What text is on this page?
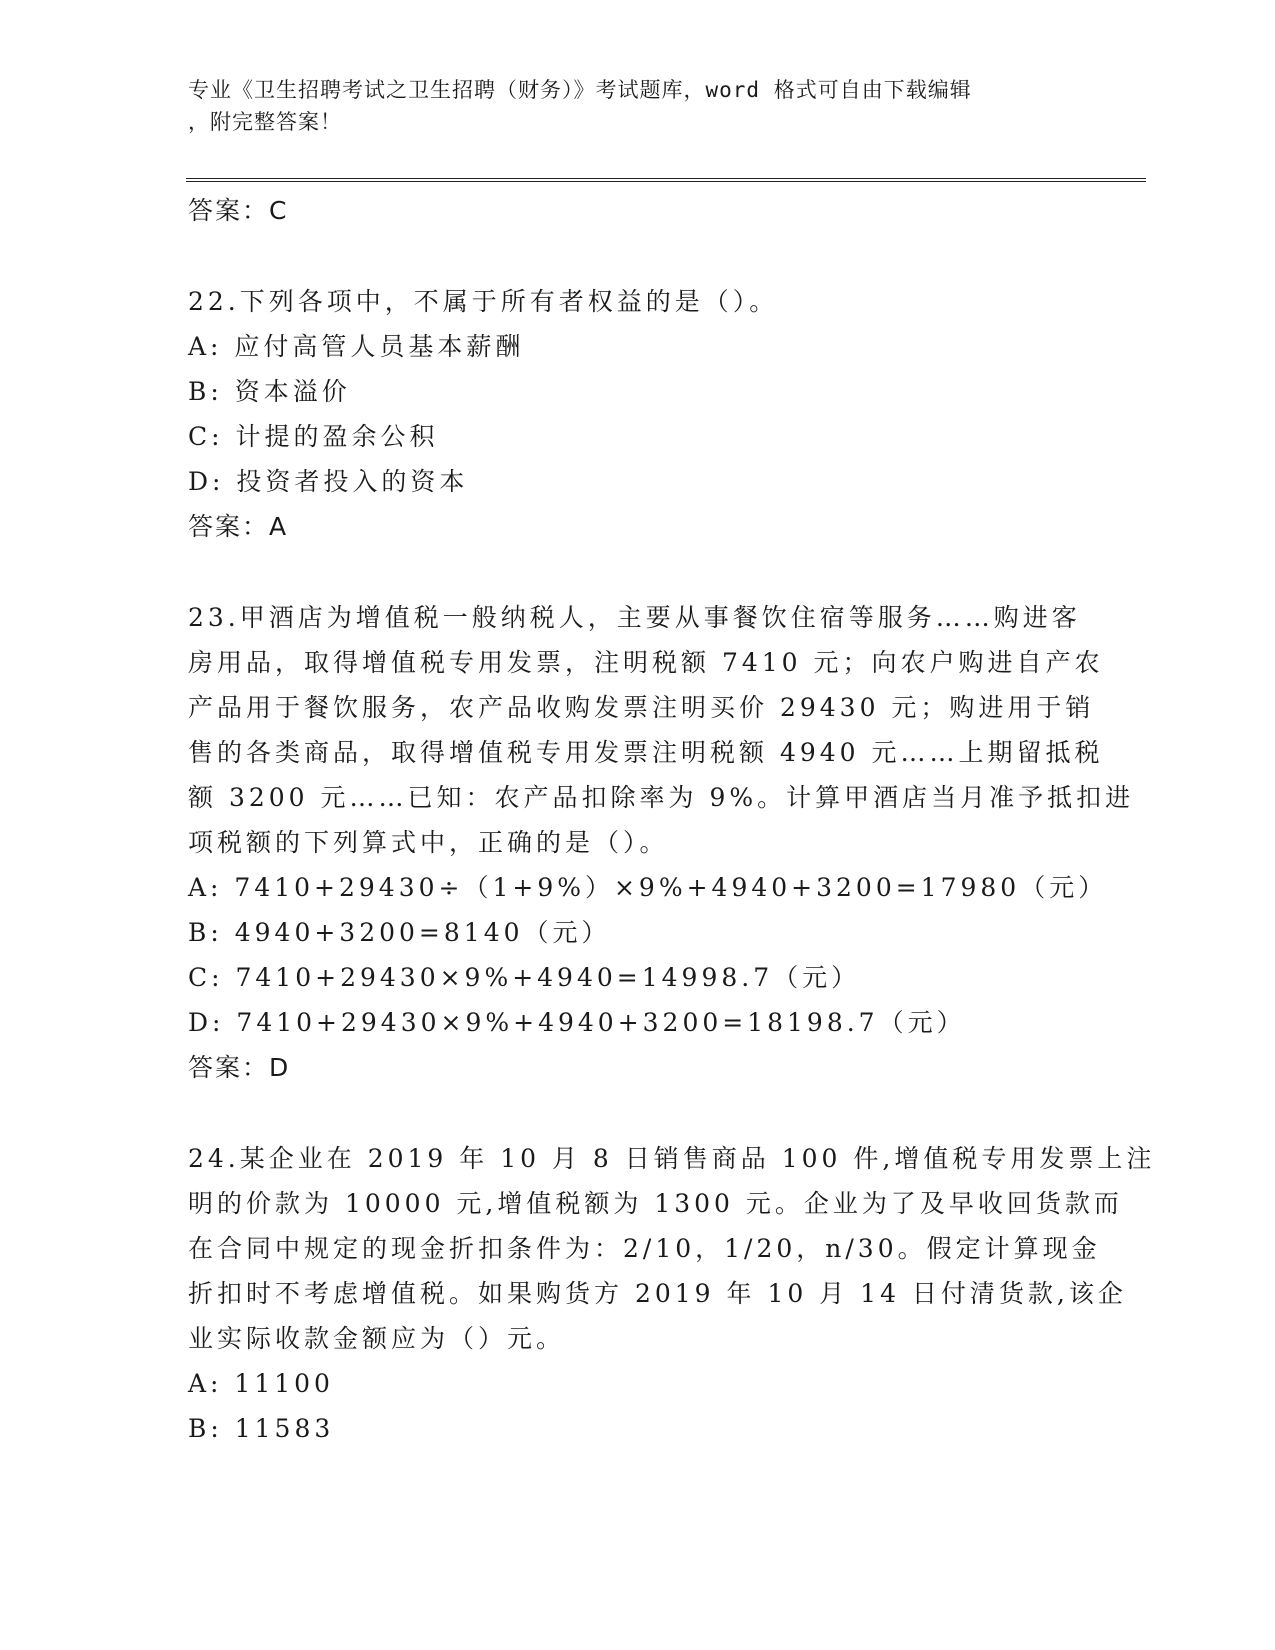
专业《卫生招聘考试之卫生招聘（财务）》考试题库，word 格式可自由下载编辑
，附完整答案！
答案：C
22.下列各项中，不属于所有者权益的是（）。
A: 应付高管人员基本薪酬
B: 资本溢价
C: 计提的盈余公积
D: 投资者投入的资本
答案：A
23.甲酒店为增值税一般纳税人，主要从事餐饮住宿等服务……购进客
房用品，取得增值税专用发票，注明税额 7410 元；向农户购进自产农
产品用于餐饮服务，农产品收购发票注明买价 29430 元；购进用于销
售的各类商品，取得增值税专用发票注明税额 4940 元……上期留抵税
额 3200 元……已知：农产品扣除率为 9%。计算甲酒店当月准予抵扣进
项税额的下列算式中，正确的是（）。
A: 7410+29430÷（1+9%）×9%+4940+3200=17980（元）
B: 4940+3200=8140（元）
C: 7410+29430×9%+4940=14998.7（元）
D: 7410+29430×9%+4940+3200=18198.7（元）
答案：D
24.某企业在 2019 年 10 月 8 日销售商品 100 件,增值税专用发票上注
明的价款为 10000 元,增值税额为 1300 元。企业为了及早收回货款而
在合同中规定的现金折扣条件为：2/10，1/20，n/30。假定计算现金
折扣时不考虑增值税。如果购货方 2019 年 10 月 14 日付清货款,该企
业实际收款金额应为（）元。
A: 11100
B: 11583
